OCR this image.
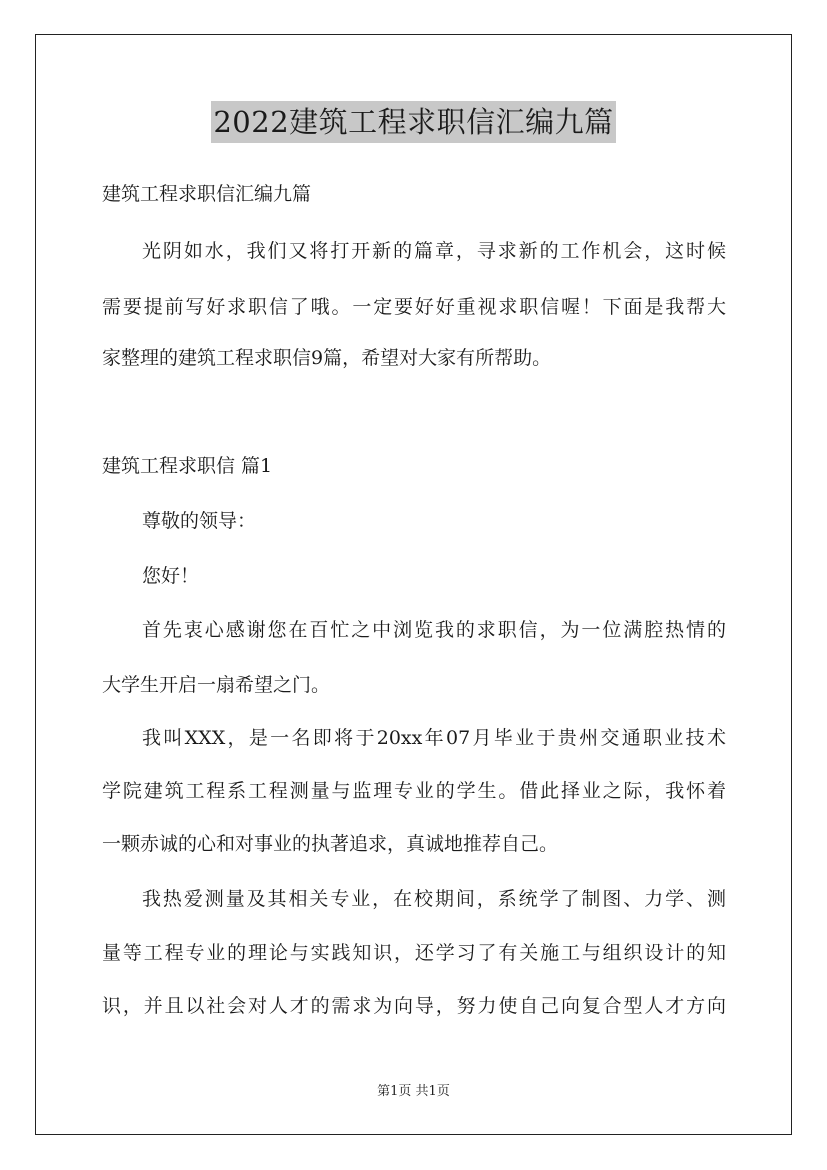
2022建筑工程求职信汇编九篇
建筑工程求职信汇编九篇
光阴如水，我们又将打开新的篇章，寻求新的工作机会，这时候
需要提前写好求职信了哦。一定要好好重视求职信喔！下面是我帮大
家整理的建筑工程求职信9篇，希望对大家有所帮助。
建筑工程求职信 篇1
尊敬的领导：
您好！
首先衷心感谢您在百忙之中浏览我的求职信，为一位满腔热情的
大学生开启一扇希望之门。
我叫XXX，是一名即将于20xx年07月毕业于贵州交通职业技术
学院建筑工程系工程测量与监理专业的学生。借此择业之际，我怀着
一颗赤诚的心和对事业的执著追求，真诚地推荐自己。
我热爱测量及其相关专业，在校期间，系统学了制图、力学、测
量等工程专业的理论与实践知识，还学习了有关施工与组织设计的知
识，并且以社会对人才的需求为向导，努力使自己向复合型人才方向
第1页 共1页
